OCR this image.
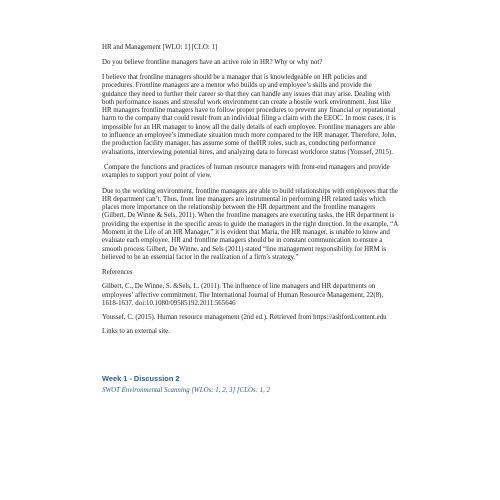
HR and Management [WLO: 1] [CLO: 1]

Do you believe frontline managers have an active role in HR? Why or why not?

I believe that frontline managers should be a manager that is knowledgeable on HR policies and procedures. Frontline managers are a mentor who builds up and employee’s skills and provide the guidance they need to further their career so that they can handle any issues that may arise. Dealing with both performance issues and stressful work environment can create a hostile work environment. Just like HR managers frontline managers have to follow proper procedures to prevent any financial or reputational harm to the company that could result from an individual filing a claim with the EEOC. In most cases, it is impossible for an HR manager to know all the daily details of each employee. Frontline managers are able to influence an employee’s immediate situation much more compared to the HR manager. Therefore, John, the production facility manager, has assume some of theHR roles, such as, conducting performance evaluations, interviewing potential hires, and analyzing data to forecast workforce status (Youssef, 2015).

Compare the functions and practices of human resource managers with front-end managers and provide examples to support your point of view.

Due to the working environment, frontline managers are able to build relationships with employees that the HR department can’t. Thus, front line managers are instrumental in performing HR related tasks which places more importance on the relationship between the HR department and the frontline managers (Gilbert, De Winne & Sels, 2011). When the frontline managers are executing tasks, the HR department is providing the expertise in the specific areas to guide the managers in the right direction. In the example, “A Moment in the Life of an HR Manager,” it is evident that Maria, the HR manager, is unable to know and evaluate each employee. HR and frontline managers should be in constant communication to ensure a smooth process Gilbert, De Winne, and Sels (2011) stated “line management responsibility for HRM is believed to be an essential factor in the realization of a firm’s strategy.”

References

Gilbert, C., De Winne, S. &Sels, L. (2011). The influence of line managers and HR departments on employees’ affective commitment. The International Journal of Human Resource Management, 22(8), 1618-1637. doi:10.1080/09585192.2011.565646

Youssef, C. (2015). Human resource management (2nd ed.). Retrieved from https://ashford.content.edu

Links to an external site.

Week 1 - Discussion 2

SWOT Environmental Scanning [WLOs: 1, 2, 3] [CLOs: 1, 2
